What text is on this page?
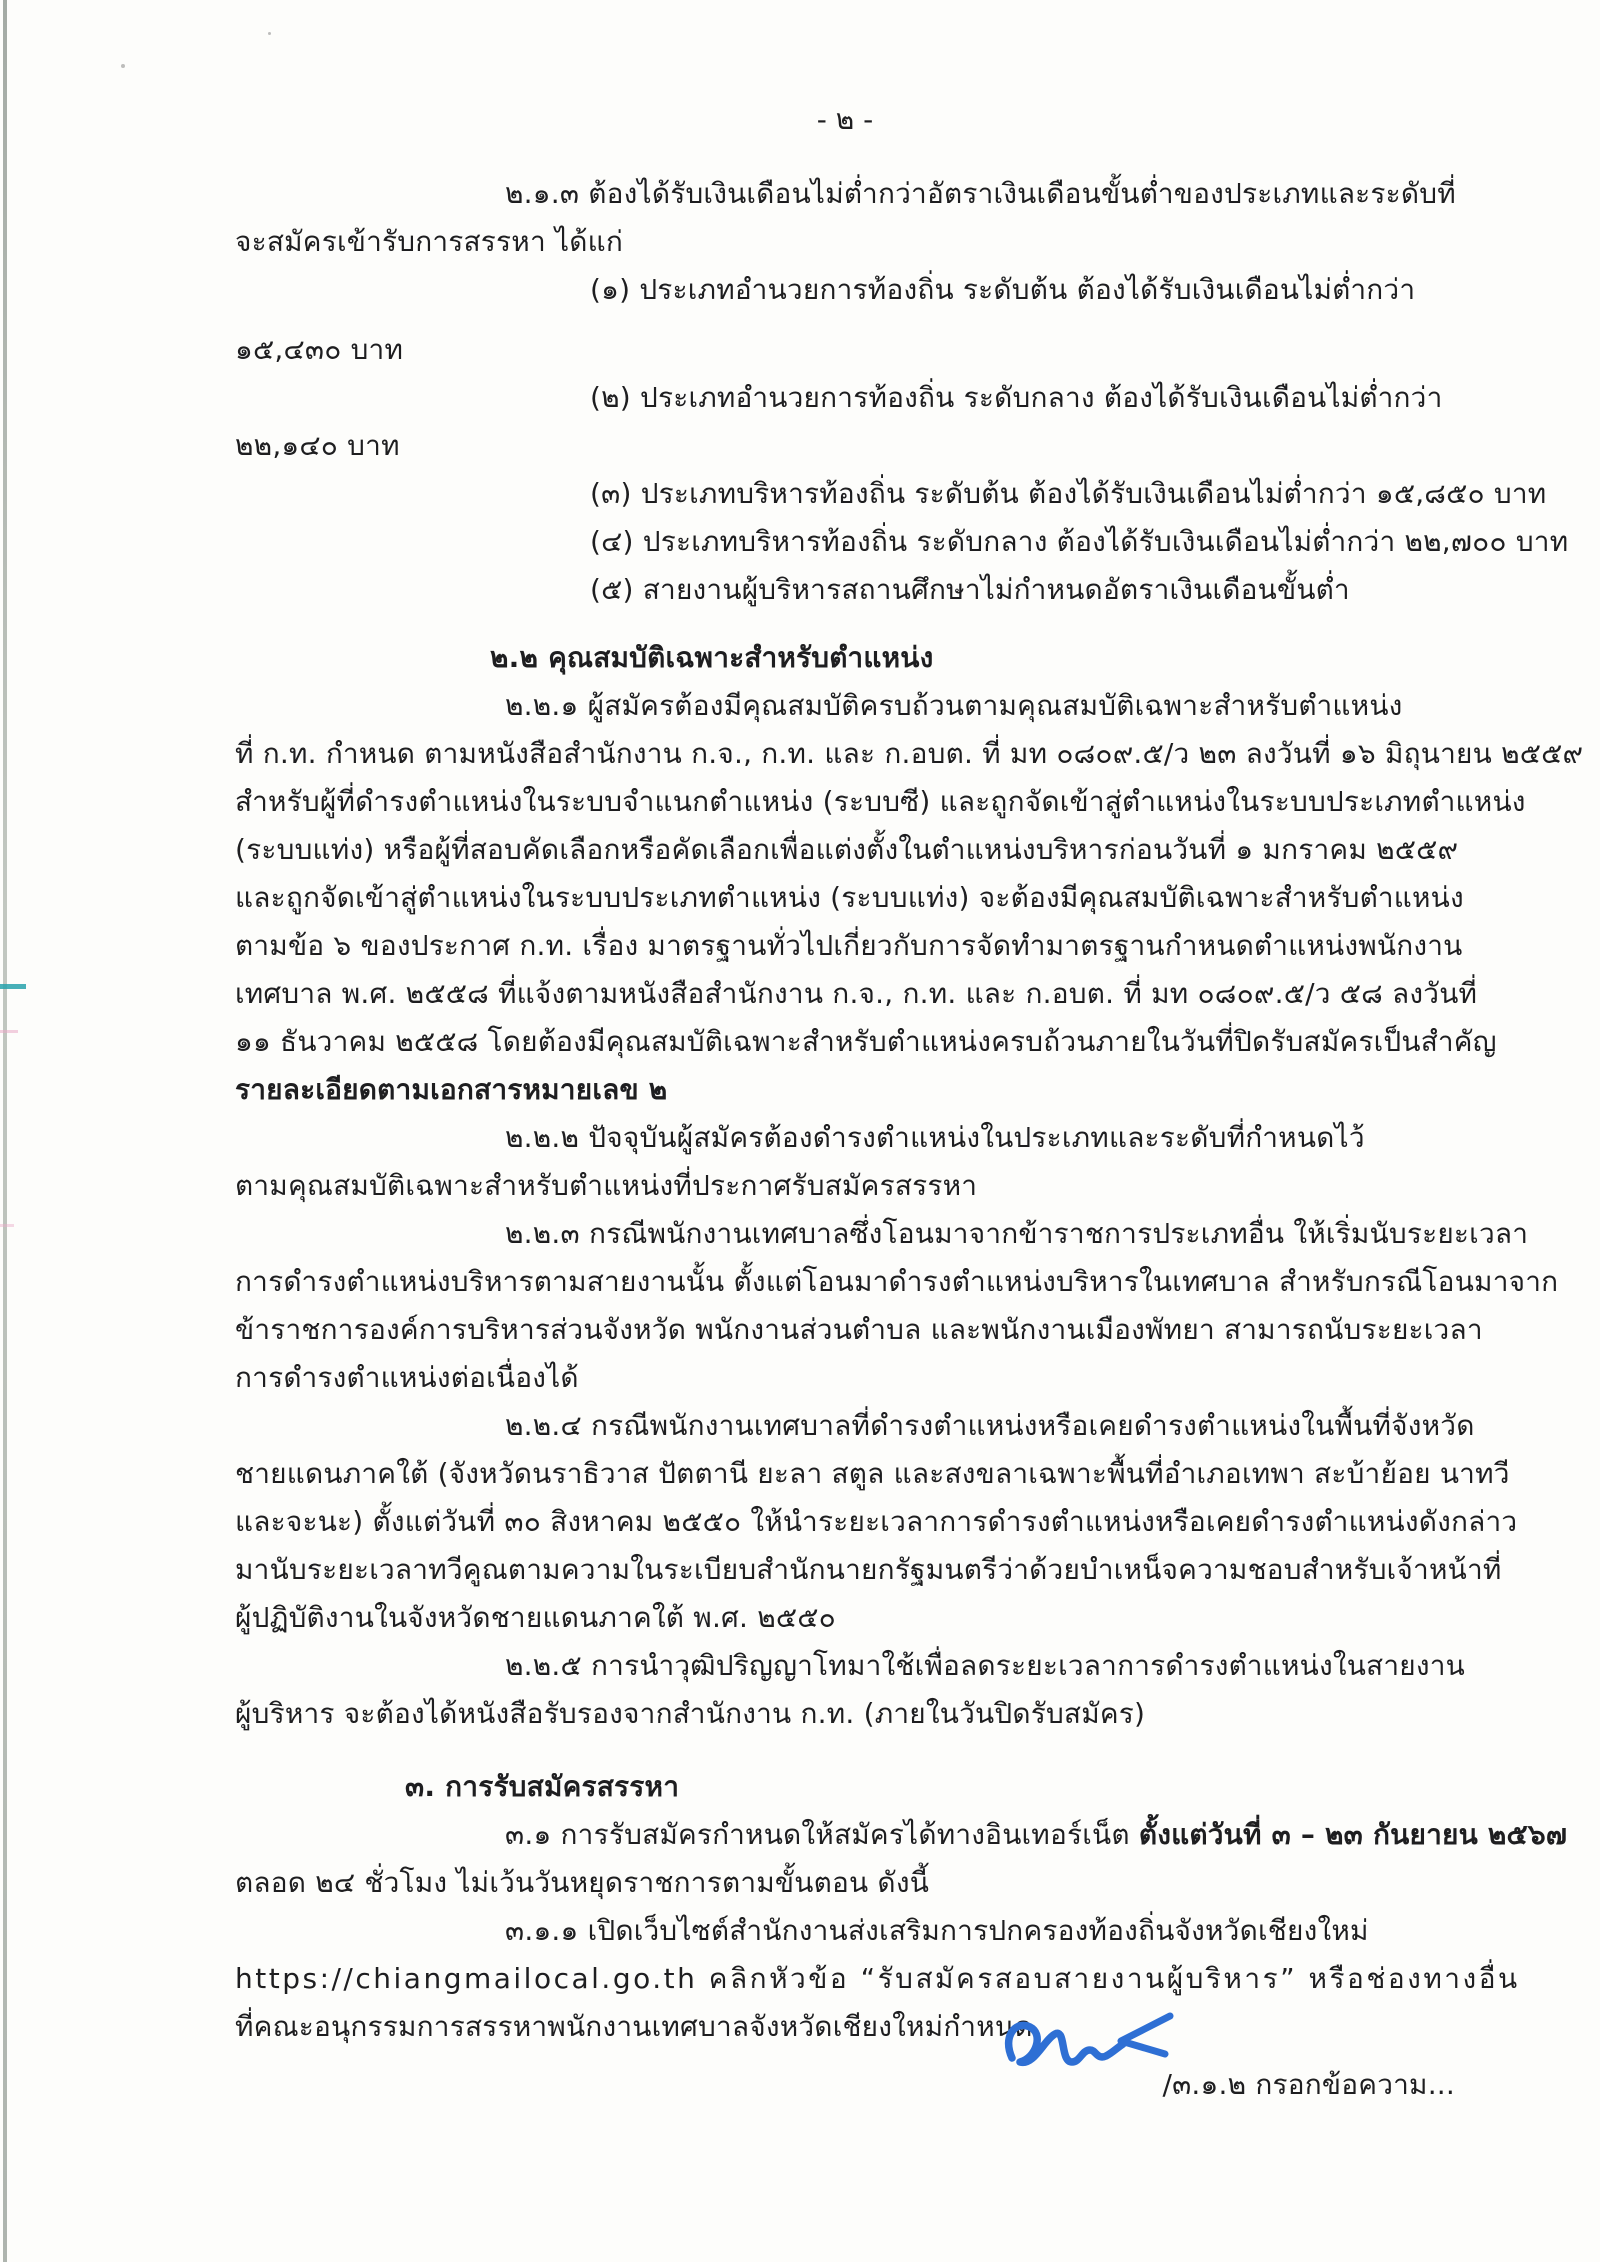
- ๒ -
๒.๑.๓ ต้องได้รับเงินเดือนไม่ต่ำกว่าอัตราเงินเดือนขั้นต่ำของประเภทและระดับที่
จะสมัครเข้ารับการสรรหา ได้แก่
(๑) ประเภทอำนวยการท้องถิ่น ระดับต้น ต้องได้รับเงินเดือนไม่ต่ำกว่า
๑๕,๔๓๐ บาท
(๒) ประเภทอำนวยการท้องถิ่น ระดับกลาง ต้องได้รับเงินเดือนไม่ต่ำกว่า
๒๒,๑๔๐ บาท
(๓) ประเภทบริหารท้องถิ่น ระดับต้น ต้องได้รับเงินเดือนไม่ต่ำกว่า ๑๕,๘๕๐ บาท
(๔) ประเภทบริหารท้องถิ่น ระดับกลาง ต้องได้รับเงินเดือนไม่ต่ำกว่า ๒๒,๗๐๐ บาท
(๕) สายงานผู้บริหารสถานศึกษาไม่กำหนดอัตราเงินเดือนขั้นต่ำ
๒.๒ คุณสมบัติเฉพาะสำหรับตำแหน่ง
๒.๒.๑ ผู้สมัครต้องมีคุณสมบัติครบถ้วนตามคุณสมบัติเฉพาะสำหรับตำแหน่ง
ที่ ก.ท. กำหนด ตามหนังสือสำนักงาน ก.จ., ก.ท. และ ก.อบต. ที่ มท ๐๘๐๙.๕/ว ๒๓ ลงวันที่ ๑๖ มิถุนายน ๒๕๕๙
สำหรับผู้ที่ดำรงตำแหน่งในระบบจำแนกตำแหน่ง (ระบบซี) และถูกจัดเข้าสู่ตำแหน่งในระบบประเภทตำแหน่ง
(ระบบแท่ง) หรือผู้ที่สอบคัดเลือกหรือคัดเลือกเพื่อแต่งตั้งในตำแหน่งบริหารก่อนวันที่ ๑ มกราคม ๒๕๕๙
และถูกจัดเข้าสู่ตำแหน่งในระบบประเภทตำแหน่ง (ระบบแท่ง) จะต้องมีคุณสมบัติเฉพาะสำหรับตำแหน่ง
ตามข้อ ๖ ของประกาศ ก.ท. เรื่อง มาตรฐานทั่วไปเกี่ยวกับการจัดทำมาตรฐานกำหนดตำแหน่งพนักงาน
เทศบาล พ.ศ. ๒๕๕๘ ที่แจ้งตามหนังสือสำนักงาน ก.จ., ก.ท. และ ก.อบต. ที่ มท ๐๘๐๙.๕/ว ๕๘ ลงวันที่
๑๑ ธันวาคม ๒๕๕๘ โดยต้องมีคุณสมบัติเฉพาะสำหรับตำแหน่งครบถ้วนภายในวันที่ปิดรับสมัครเป็นสำคัญ
รายละเอียดตามเอกสารหมายเลข ๒
๒.๒.๒ ปัจจุบันผู้สมัครต้องดำรงตำแหน่งในประเภทและระดับที่กำหนดไว้
ตามคุณสมบัติเฉพาะสำหรับตำแหน่งที่ประกาศรับสมัครสรรหา
๒.๒.๓ กรณีพนักงานเทศบาลซึ่งโอนมาจากข้าราชการประเภทอื่น ให้เริ่มนับระยะเวลา
การดำรงตำแหน่งบริหารตามสายงานนั้น ตั้งแต่โอนมาดำรงตำแหน่งบริหารในเทศบาล สำหรับกรณีโอนมาจาก
ข้าราชการองค์การบริหารส่วนจังหวัด พนักงานส่วนตำบล และพนักงานเมืองพัทยา สามารถนับระยะเวลา
การดำรงตำแหน่งต่อเนื่องได้
๒.๒.๔ กรณีพนักงานเทศบาลที่ดำรงตำแหน่งหรือเคยดำรงตำแหน่งในพื้นที่จังหวัด
ชายแดนภาคใต้ (จังหวัดนราธิวาส ปัตตานี ยะลา สตูล และสงขลาเฉพาะพื้นที่อำเภอเทพา สะบ้าย้อย นาทวี
และจะนะ) ตั้งแต่วันที่ ๓๐ สิงหาคม ๒๕๕๐ ให้นำระยะเวลาการดำรงตำแหน่งหรือเคยดำรงตำแหน่งดังกล่าว
มานับระยะเวลาทวีคูณตามความในระเบียบสำนักนายกรัฐมนตรีว่าด้วยบำเหน็จความชอบสำหรับเจ้าหน้าที่
ผู้ปฏิบัติงานในจังหวัดชายแดนภาคใต้ พ.ศ. ๒๕๕๐
๒.๒.๕ การนำวุฒิปริญญาโทมาใช้เพื่อลดระยะเวลาการดำรงตำแหน่งในสายงาน
ผู้บริหาร จะต้องได้หนังสือรับรองจากสำนักงาน ก.ท. (ภายในวันปิดรับสมัคร)
๓. การรับสมัครสรรหา
๓.๑ การรับสมัครกำหนดให้สมัครได้ทางอินเทอร์เน็ต ตั้งแต่วันที่ ๓ – ๒๓ กันยายน ๒๕๖๗
ตลอด ๒๔ ชั่วโมง ไม่เว้นวันหยุดราชการตามขั้นตอน ดังนี้
๓.๑.๑ เปิดเว็บไซต์สำนักงานส่งเสริมการปกครองท้องถิ่นจังหวัดเชียงใหม่
https://chiangmailocal.go.th คลิกหัวข้อ “รับสมัครสอบสายงานผู้บริหาร” หรือช่องทางอื่น
ที่คณะอนุกรรมการสรรหาพนักงานเทศบาลจังหวัดเชียงใหม่กำหนด
/๓.๑.๒ กรอกข้อความ...
